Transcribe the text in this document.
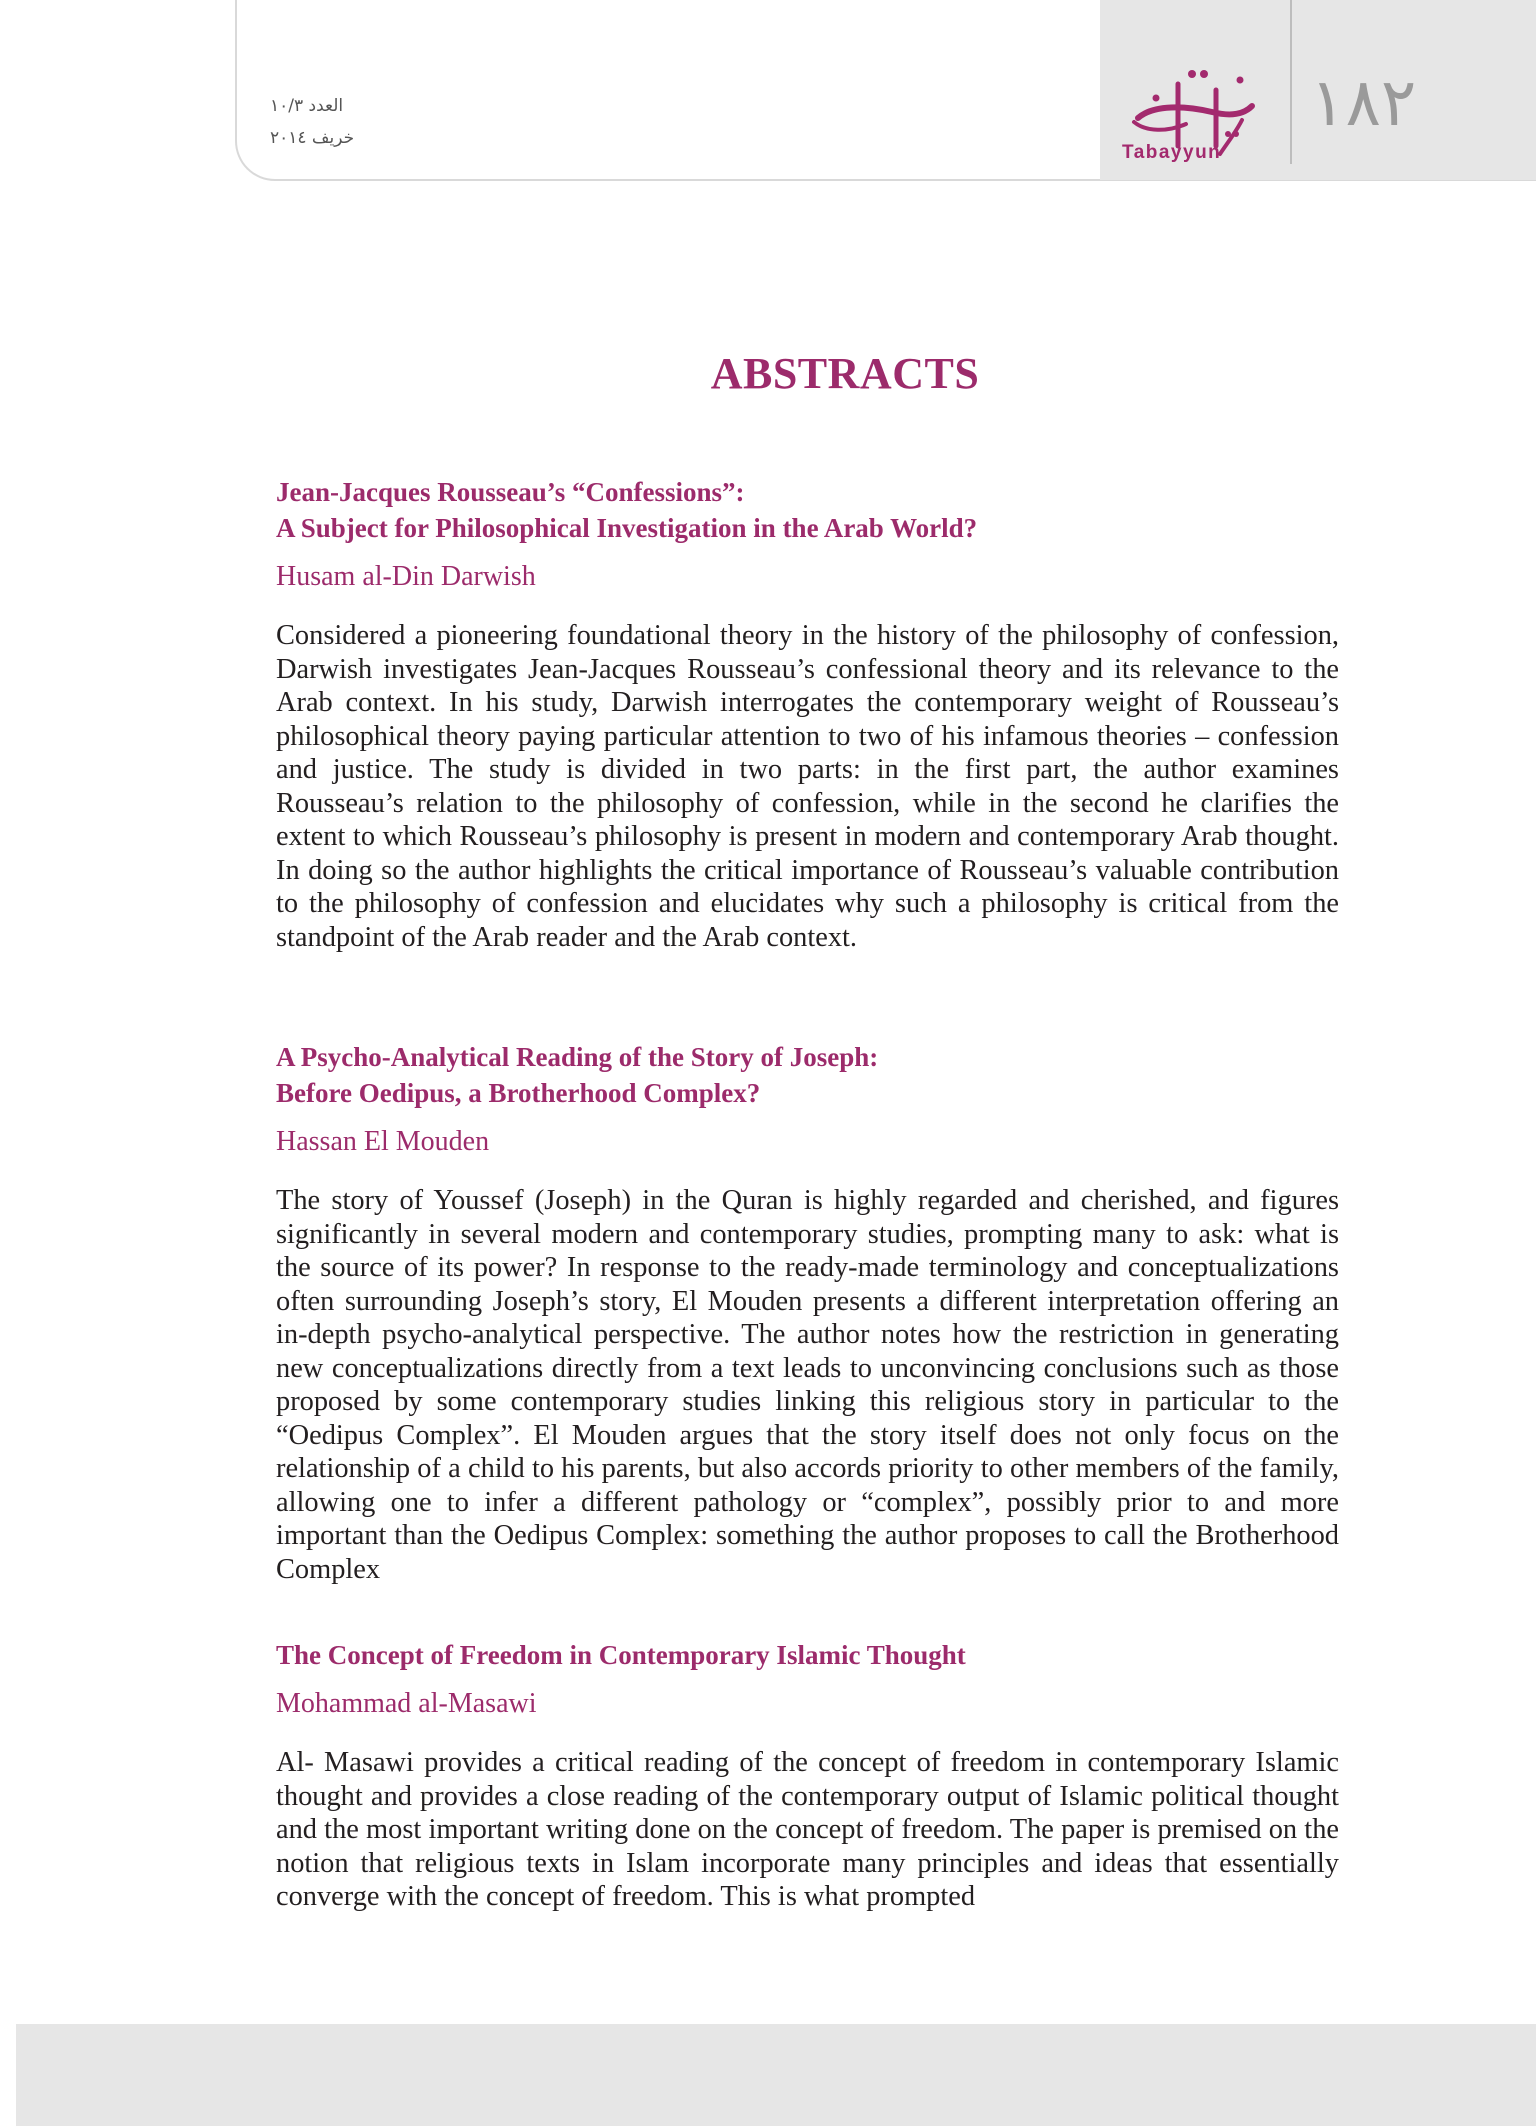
العدد ١٠/٣
خريف ٢٠١٤
Tabayyun
١٨٢
ABSTRACTS

Jean-Jacques Rousseau’s “Confessions”:
A Subject for Philosophical Investigation in the Arab World?

Husam al-Din Darwish

Considered a pioneering foundational theory in the history of the philosophy of confession, Darwish investigates Jean-Jacques Rousseau’s confessional theory and its relevance to the Arab context. In his study, Darwish interrogates the contemporary weight of Rousseau’s philosophical theory paying particular attention to two of his infamous theories – confession and justice. The study is divided in two parts: in the first part, the author examines Rousseau’s relation to the philosophy of confession, while in the second he clarifies the extent to which Rousseau’s philosophy is present in modern and contemporary Arab thought. In doing so the author highlights the critical importance of Rousseau’s valuable contribution to the philosophy of confession and elucidates why such a philosophy is critical from the standpoint of the Arab reader and the Arab context.

A Psycho-Analytical Reading of the Story of Joseph:
Before Oedipus, a Brotherhood Complex?

Hassan El Mouden

The story of Youssef (Joseph) in the Quran is highly regarded and cherished, and figures significantly in several modern and contemporary studies, prompting many to ask: what is the source of its power? In response to the ready-made terminology and conceptualizations often surrounding Joseph’s story, El Mouden presents a different interpretation offering an in-depth psycho-analytical perspective. The author notes how the restriction in generating new conceptualizations directly from a text leads to unconvincing conclusions such as those proposed by some contemporary studies linking this religious story in particular to the “Oedipus Complex”. El Mouden argues that the story itself does not only focus on the relationship of a child to his parents, but also accords priority to other members of the family, allowing one to infer a different pathology or “complex”, possibly prior to and more important than the Oedipus Complex: something the author proposes to call the Brotherhood Complex

The Concept of Freedom in Contemporary Islamic Thought

Mohammad al-Masawi

Al- Masawi provides a critical reading of the concept of freedom in contemporary Islamic thought and provides a close reading of the contemporary output of Islamic political thought and the most important writing done on the concept of freedom. The paper is premised on the notion that religious texts in Islam incorporate many principles and ideas that essentially converge with the concept of freedom. This is what prompted
